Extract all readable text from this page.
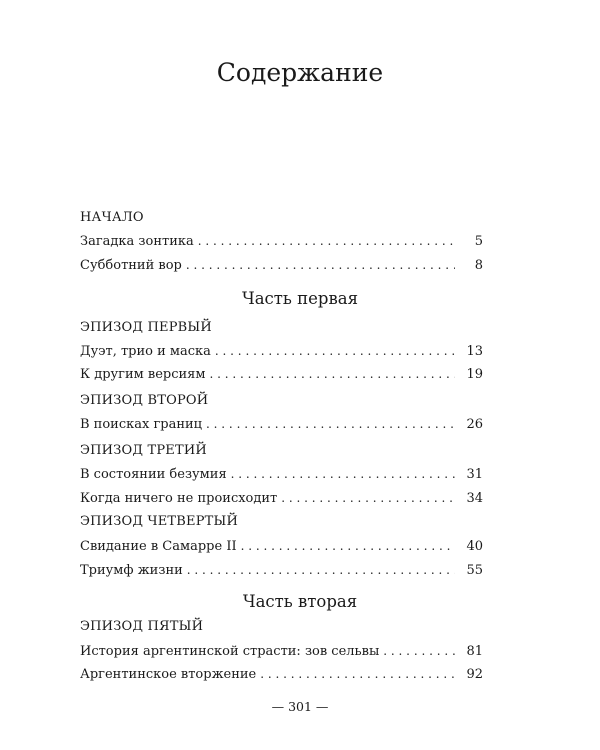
Содержание
НАЧАЛО
Загадка зонтика . . .	5
Субботний вор . . .	8
Часть первая
ЭПИЗОД ПЕРВЫЙ
Дуэт, трио и маска . . .	13
К другим версиям . . .	19
ЭПИЗОД ВТОРОЙ
В поисках границ . . .	26
ЭПИЗОД ТРЕТИЙ
В состоянии безумия . . .	31
Когда ничего не происходит . . .	34
ЭПИЗОД ЧЕТВЕРТЫЙ
Свидание в Самарре II . . .	40
Триумф жизни . . .	55
Часть вторая
ЭПИЗОД ПЯТЫЙ
История аргентинской страсти: зов сельвы . . .	81
Аргентинское вторжение . . .	92
— 301 —
